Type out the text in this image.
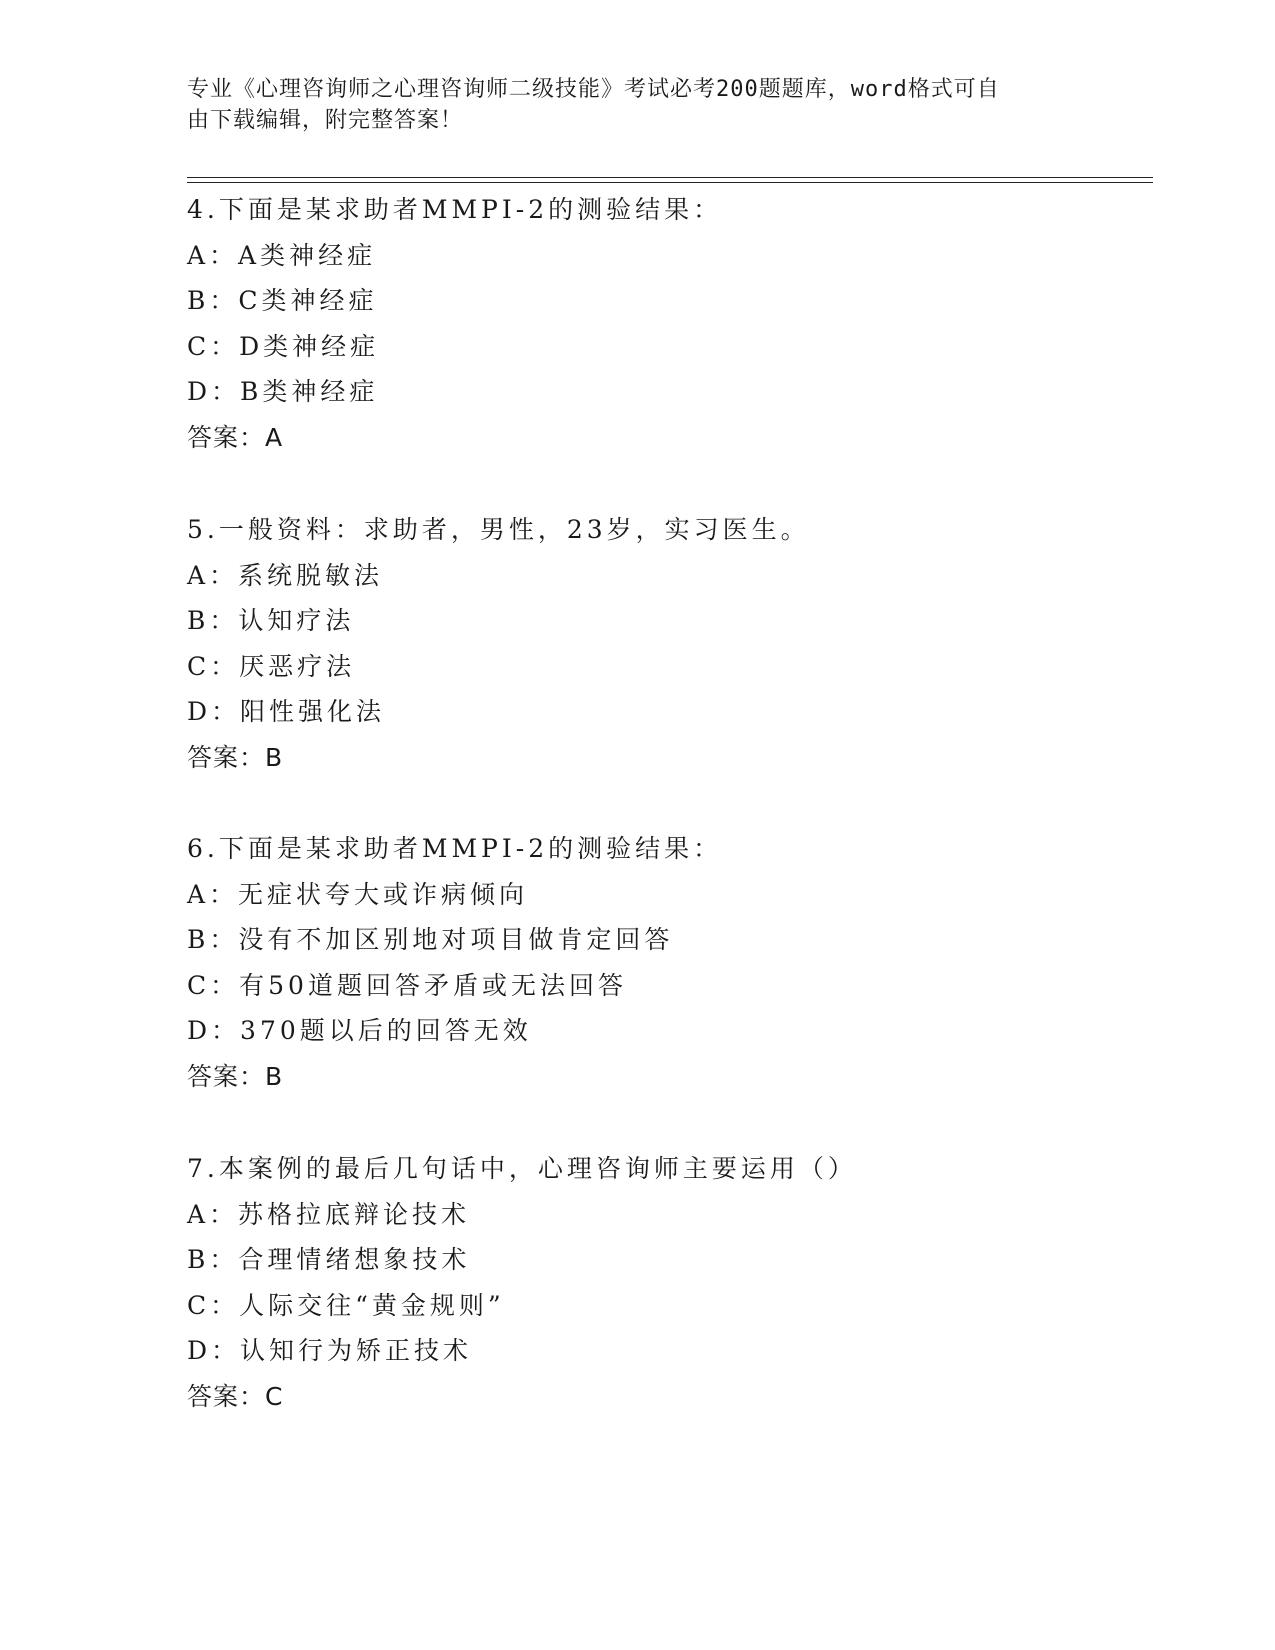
专业《心理咨询师之心理咨询师二级技能》考试必考200题题库，word格式可自
由下载编辑，附完整答案！
4.下面是某求助者MMPI-2的测验结果：
A：A类神经症
B：C类神经症
C：D类神经症
D：B类神经症
答案：A
5.一般资料：求助者，男性，23岁，实习医生。
A：系统脱敏法
B：认知疗法
C：厌恶疗法
D：阳性强化法
答案：B
6.下面是某求助者MMPI-2的测验结果：
A：无症状夸大或诈病倾向
B：没有不加区别地对项目做肯定回答
C：有50道题回答矛盾或无法回答
D：370题以后的回答无效
答案：B
7.本案例的最后几句话中，心理咨询师主要运用（）
A：苏格拉底辩论技术
B：合理情绪想象技术
C：人际交往“黄金规则”
D：认知行为矫正技术
答案：C
